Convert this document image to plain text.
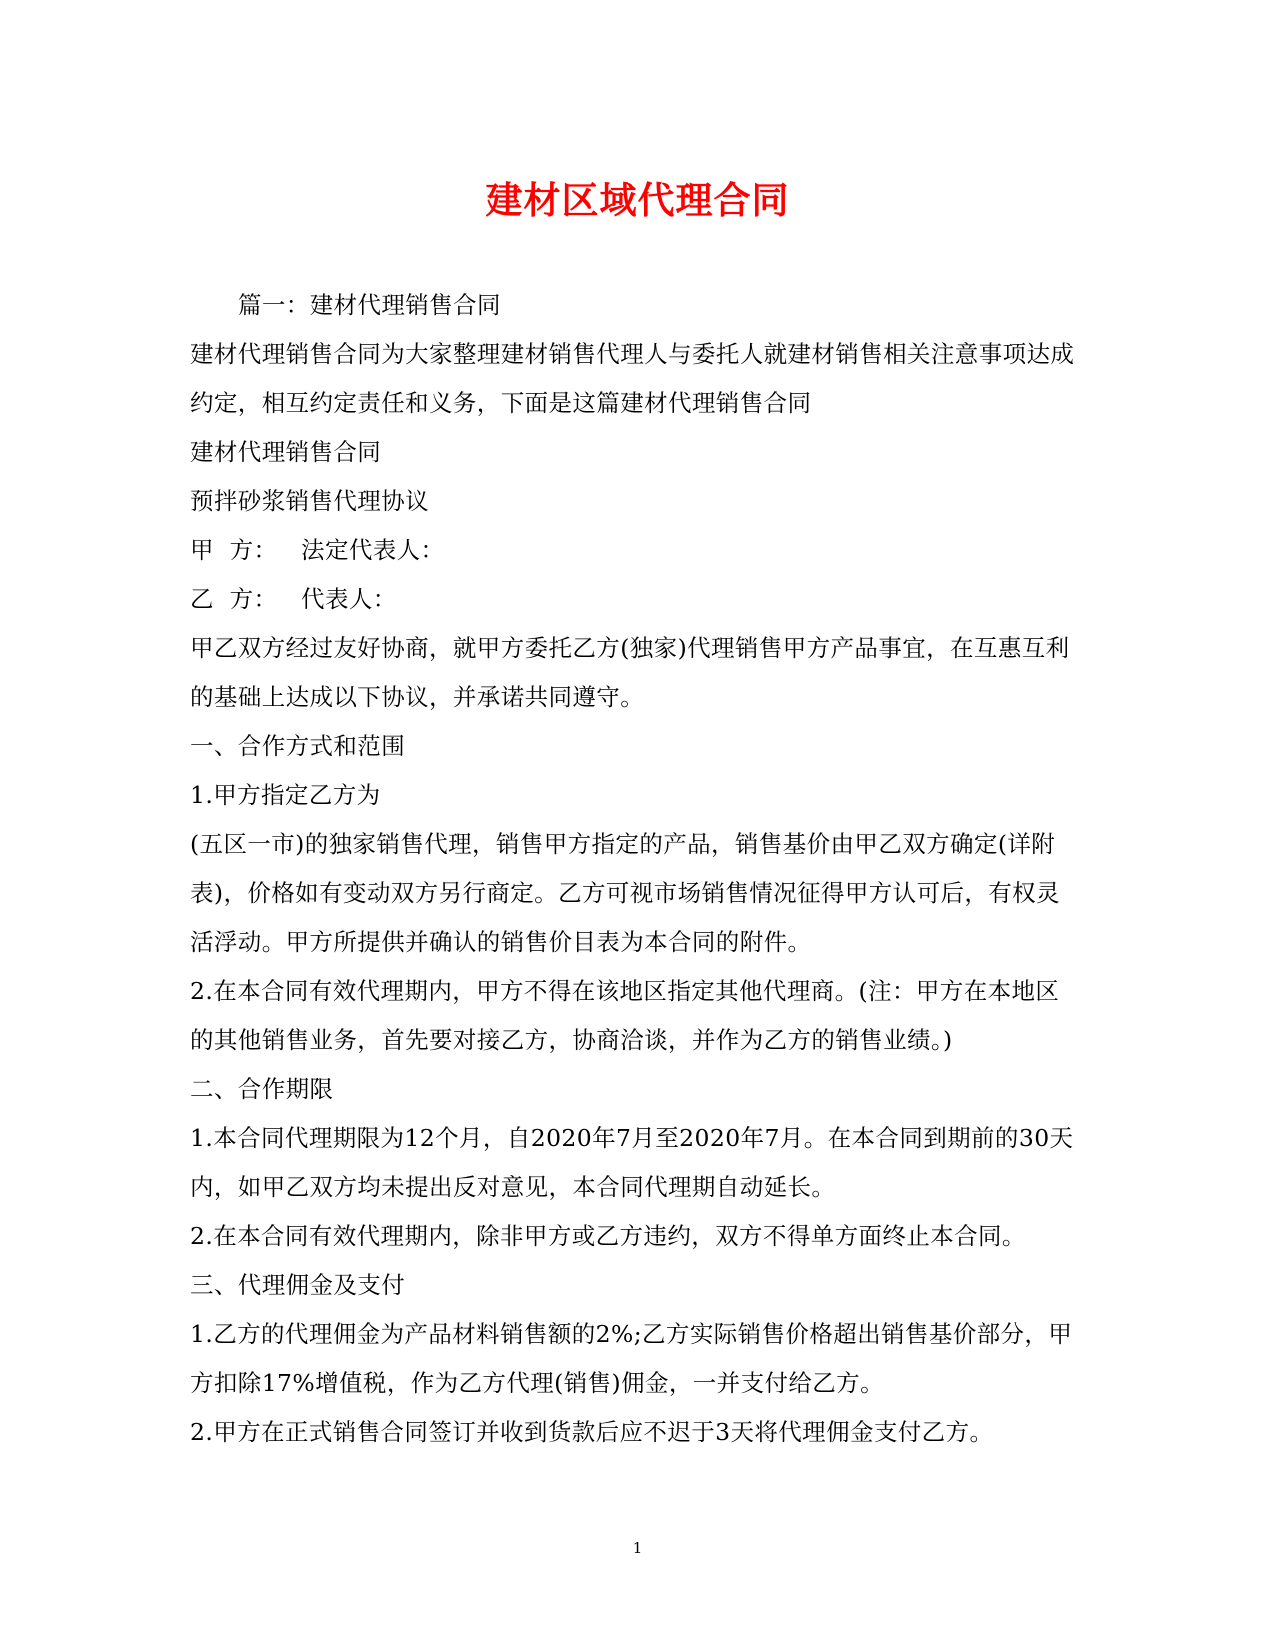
建材区域代理合同

篇一：建材代理销售合同

建材代理销售合同为大家整理建材销售代理人与委托人就建材销售相关注意事项达成约定，相互约定责任和义务，下面是这篇建材代理销售合同

建材代理销售合同

预拌砂浆销售代理协议

甲  方：   法定代表人：

乙  方：   代表人：

甲乙双方经过友好协商，就甲方委托乙方(独家)代理销售甲方产品事宜，在互惠互利的基础上达成以下协议，并承诺共同遵守。

一、合作方式和范围

1.甲方指定乙方为

(五区一市)的独家销售代理，销售甲方指定的产品，销售基价由甲乙双方确定(详附表)，价格如有变动双方另行商定。乙方可视市场销售情况征得甲方认可后，有权灵活浮动。甲方所提供并确认的销售价目表为本合同的附件。

2.在本合同有效代理期内，甲方不得在该地区指定其他代理商。(注：甲方在本地区的其他销售业务，首先要对接乙方，协商洽谈，并作为乙方的销售业绩。)

二、合作期限

1.本合同代理期限为12个月，自2020年7月至2020年7月。在本合同到期前的30天内，如甲乙双方均未提出反对意见，本合同代理期自动延长。

2.在本合同有效代理期内，除非甲方或乙方违约，双方不得单方面终止本合同。

三、代理佣金及支付

1.乙方的代理佣金为产品材料销售额的2%;乙方实际销售价格超出销售基价部分，甲方扣除17%增值税，作为乙方代理(销售)佣金，一并支付给乙方。

2.甲方在正式销售合同签订并收到货款后应不迟于3天将代理佣金支付乙方。

1
